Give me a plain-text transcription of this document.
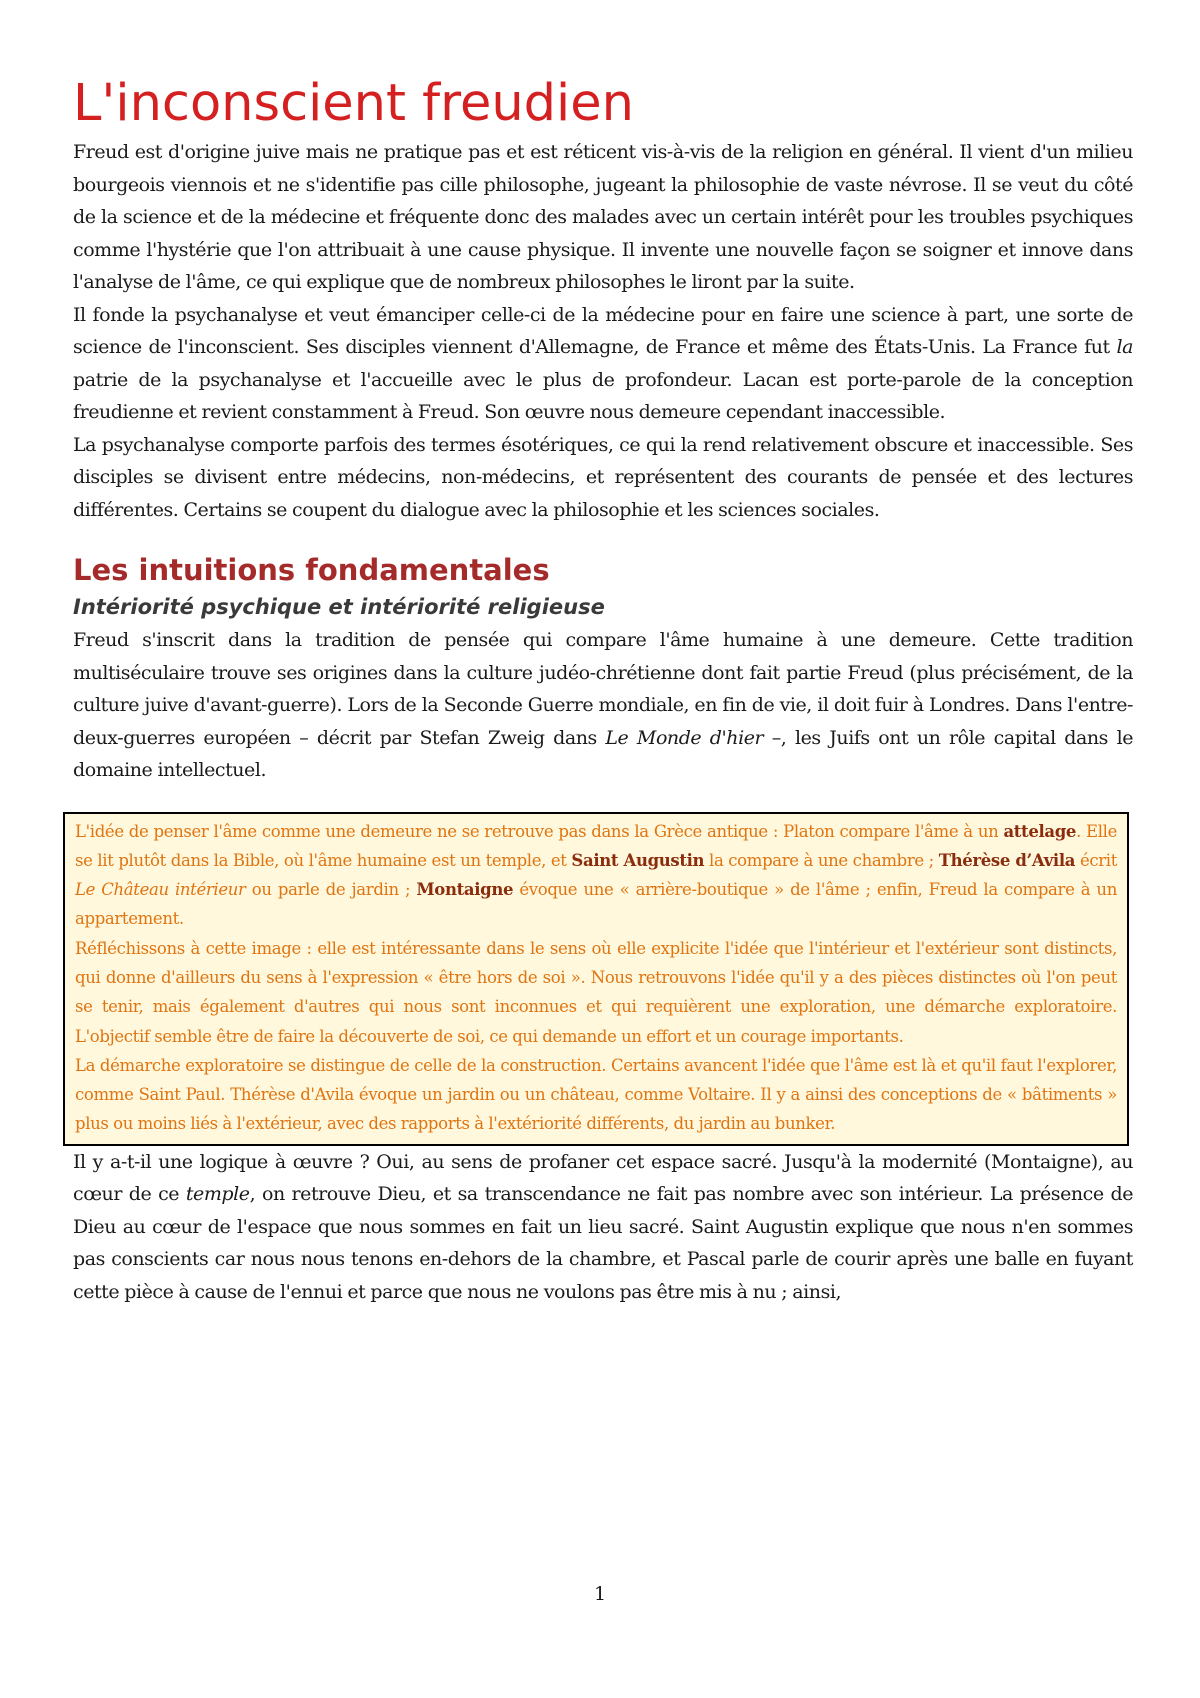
L'inconscient freudien

Freud est d'origine juive mais ne pratique pas et est réticent vis-à-vis de la religion en général. Il vient d'un milieu bourgeois viennois et ne s'identifie pas cille philosophe, jugeant la philosophie de vaste névrose. Il se veut du côté de la science et de la médecine et fréquente donc des malades avec un certain intérêt pour les troubles psychiques comme l'hystérie que l'on attribuait à une cause physique. Il invente une nouvelle façon se soigner et innove dans l'analyse de l'âme, ce qui explique que de nombreux philosophes le liront par la suite.

Il fonde la psychanalyse et veut émanciper celle-ci de la médecine pour en faire une science à part, une sorte de science de l'inconscient. Ses disciples viennent d'Allemagne, de France et même des États-Unis. La France fut la patrie de la psychanalyse et l'accueille avec le plus de profondeur. Lacan est porte-parole de la conception freudienne et revient constamment à Freud. Son œuvre nous demeure cependant inaccessible.

La psychanalyse comporte parfois des termes ésotériques, ce qui la rend relativement obscure et inaccessible. Ses disciples se divisent entre médecins, non-médecins, et représentent des courants de pensée et des lectures différentes. Certains se coupent du dialogue avec la philosophie et les sciences sociales.

Les intuitions fondamentales
Intériorité psychique et intériorité religieuse

Freud s'inscrit dans la tradition de pensée qui compare l'âme humaine à une demeure. Cette tradition multiséculaire trouve ses origines dans la culture judéo-chrétienne dont fait partie Freud (plus précisément, de la culture juive d'avant-guerre). Lors de la Seconde Guerre mondiale, en fin de vie, il doit fuir à Londres. Dans l'entre-deux-guerres européen – décrit par Stefan Zweig dans Le Monde d'hier –, les Juifs ont un rôle capital dans le domaine intellectuel.

L'idée de penser l'âme comme une demeure ne se retrouve pas dans la Grèce antique : Platon compare l'âme à un attelage. Elle se lit plutôt dans la Bible, où l'âme humaine est un temple, et Saint Augustin la compare à une chambre ; Thérèse d’Avila écrit Le Château intérieur ou parle de jardin ; Montaigne évoque une « arrière-boutique » de l'âme ; enfin, Freud la compare à un appartement.

Réfléchissons à cette image : elle est intéressante dans le sens où elle explicite l'idée que l'intérieur et l'extérieur sont distincts, qui donne d'ailleurs du sens à l'expression « être hors de soi ». Nous retrouvons l'idée qu'il y a des pièces distinctes où l'on peut se tenir, mais également d'autres qui nous sont inconnues et qui requièrent une exploration, une démarche exploratoire. L'objectif semble être de faire la découverte de soi, ce qui demande un effort et un courage importants.

La démarche exploratoire se distingue de celle de la construction. Certains avancent l'idée que l'âme est là et qu'il faut l'explorer, comme Saint Paul. Thérèse d'Avila évoque un jardin ou un château, comme Voltaire. Il y a ainsi des conceptions de « bâtiments » plus ou moins liés à l'extérieur, avec des rapports à l'extériorité différents, du jardin au bunker.

Il y a-t-il une logique à œuvre ? Oui, au sens de profaner cet espace sacré. Jusqu'à la modernité (Montaigne), au cœur de ce temple, on retrouve Dieu, et sa transcendance ne fait pas nombre avec son intérieur. La présence de Dieu au cœur de l'espace que nous sommes en fait un lieu sacré. Saint Augustin explique que nous n'en sommes pas conscients car nous nous tenons en-dehors de la chambre, et Pascal parle de courir après une balle en fuyant cette pièce à cause de l'ennui et parce que nous ne voulons pas être mis à nu ; ainsi,

1
